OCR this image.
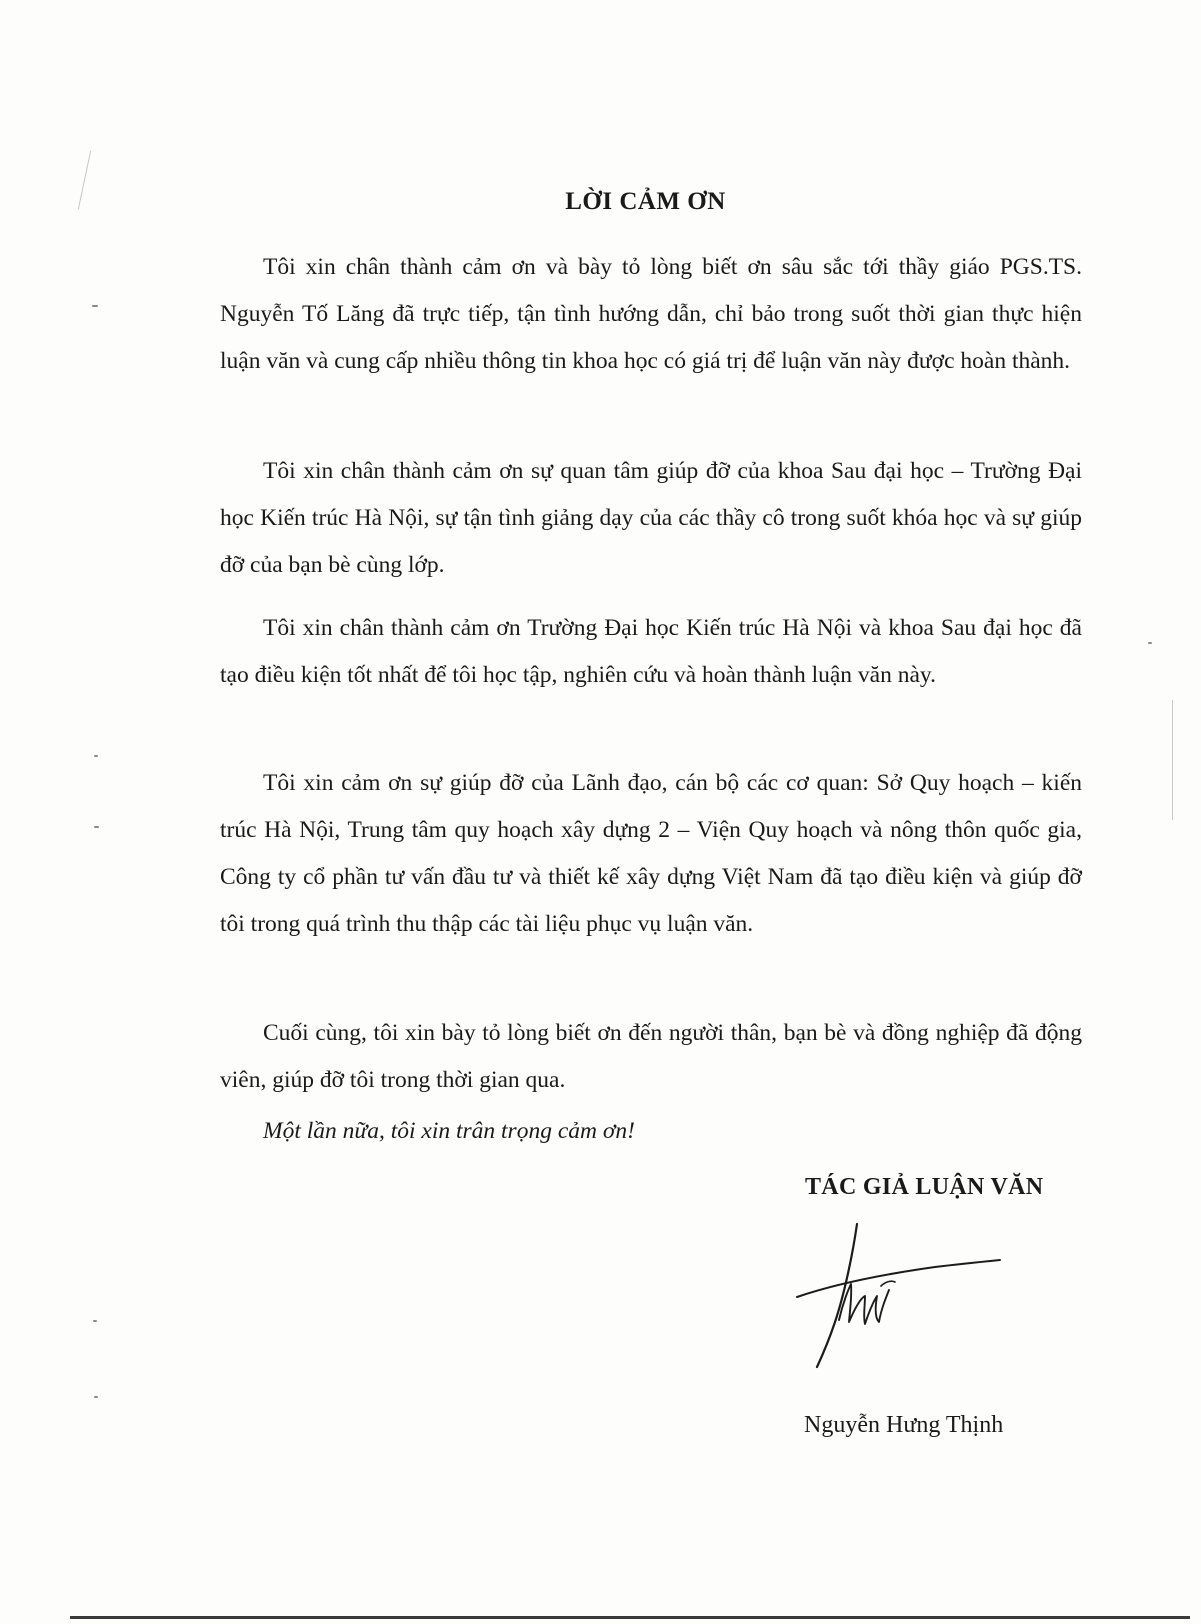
LỜI CẢM ƠN

Tôi xin chân thành cảm ơn và bày tỏ lòng biết ơn sâu sắc tới thầy giáo PGS.TS. Nguyễn Tố Lăng đã trực tiếp, tận tình hướng dẫn, chỉ bảo trong suốt thời gian thực hiện luận văn và cung cấp nhiều thông tin khoa học có giá trị để luận văn này được hoàn thành.

Tôi xin chân thành cảm ơn sự quan tâm giúp đỡ của khoa Sau đại học – Trường Đại học Kiến trúc Hà Nội, sự tận tình giảng dạy của các thầy cô trong suốt khóa học và sự giúp đỡ của bạn bè cùng lớp.

Tôi xin chân thành cảm ơn Trường Đại học Kiến trúc Hà Nội và khoa Sau đại học đã tạo điều kiện tốt nhất để tôi học tập, nghiên cứu và hoàn thành luận văn này.

Tôi xin cảm ơn sự giúp đỡ của Lãnh đạo, cán bộ các cơ quan: Sở Quy hoạch – kiến trúc Hà Nội, Trung tâm quy hoạch xây dựng 2 – Viện Quy hoạch và nông thôn quốc gia, Công ty cổ phần tư vấn đầu tư và thiết kế xây dựng Việt Nam đã tạo điều kiện và giúp đỡ tôi trong quá trình thu thập các tài liệu phục vụ luận văn.

Cuối cùng, tôi xin bày tỏ lòng biết ơn đến người thân, bạn bè và đồng nghiệp đã động viên, giúp đỡ tôi trong thời gian qua.

Một lần nữa, tôi xin trân trọng cảm ơn!

TÁC GIẢ LUẬN VĂN
Nguyễn Hưng Thịnh
